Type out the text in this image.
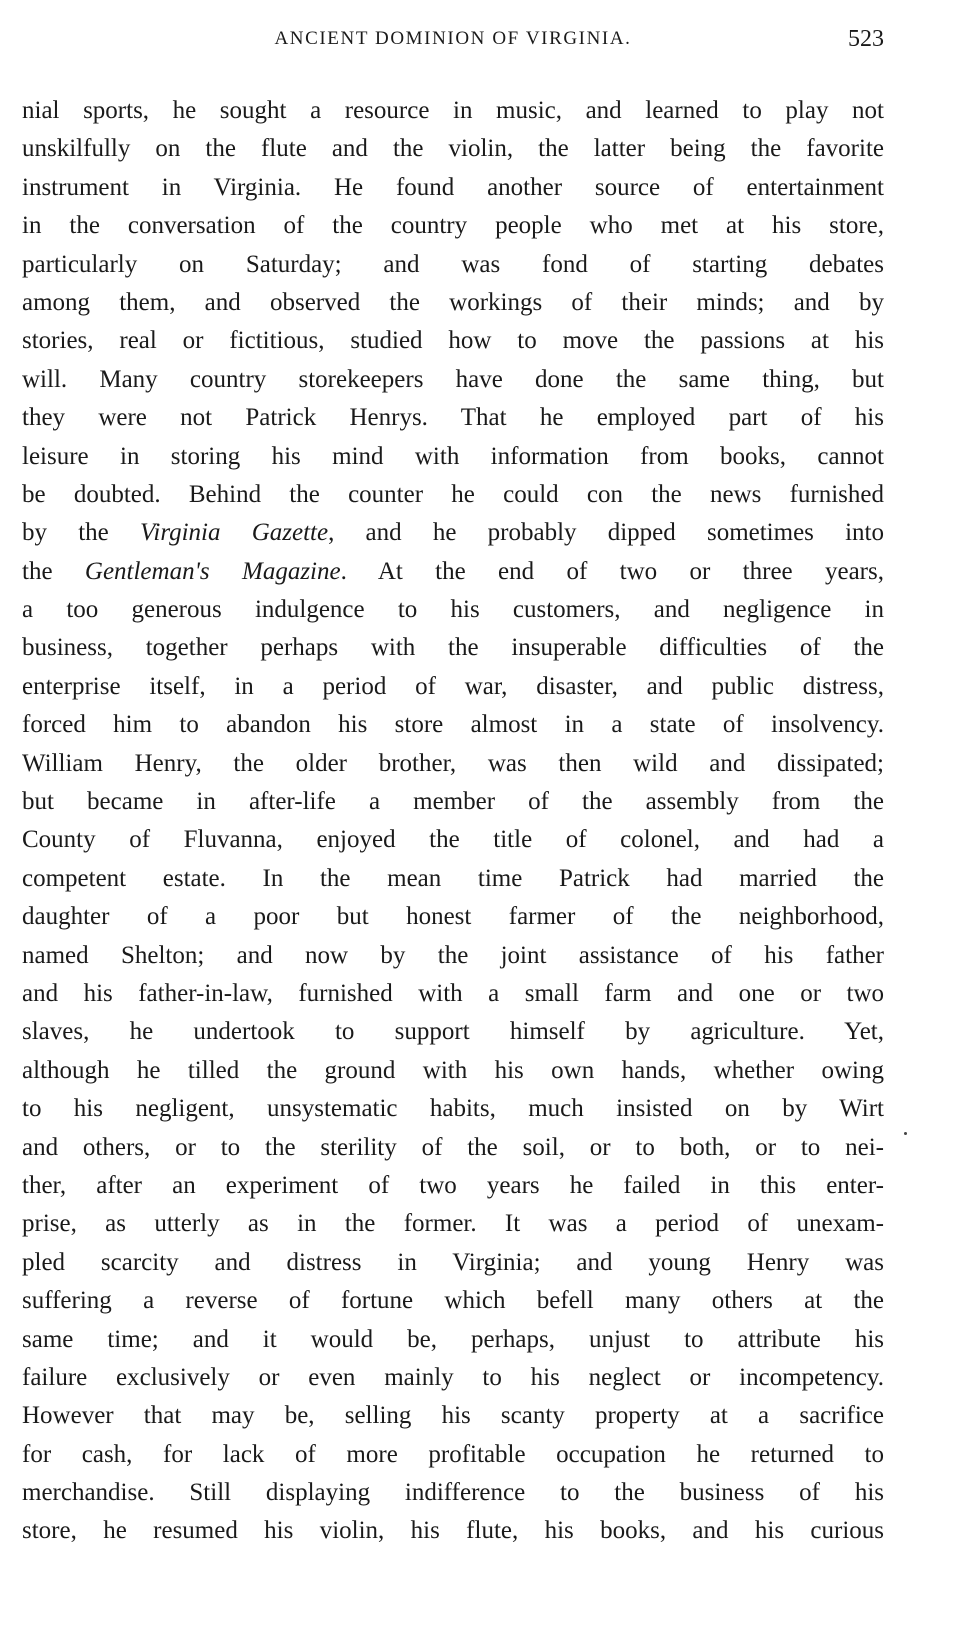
ANCIENT DOMINION OF VIRGINIA.	523
nial sports, he sought a resource in music, and learned to play not
unskilfully on the flute and the violin, the latter being the favorite
instrument in Virginia. He found another source of entertainment
in the conversation of the country people who met at his store,
particularly on Saturday; and was fond of starting debates
among them, and observed the workings of their minds; and by
stories, real or fictitious, studied how to move the passions at his
will. Many country storekeepers have done the same thing, but
they were not Patrick Henrys. That he employed part of his
leisure in storing his mind with information from books, cannot
be doubted. Behind the counter he could con the news furnished
by the Virginia Gazette, and he probably dipped sometimes into
the Gentleman's Magazine. At the end of two or three years,
a too generous indulgence to his customers, and negligence in
business, together perhaps with the insuperable difficulties of the
enterprise itself, in a period of war, disaster, and public distress,
forced him to abandon his store almost in a state of insolvency.
William Henry, the older brother, was then wild and dissipated;
but became in after-life a member of the assembly from the
County of Fluvanna, enjoyed the title of colonel, and had a
competent estate. In the mean time Patrick had married the
daughter of a poor but honest farmer of the neighborhood,
named Shelton; and now by the joint assistance of his father
and his father-in-law, furnished with a small farm and one or two
slaves, he undertook to support himself by agriculture. Yet,
although he tilled the ground with his own hands, whether owing
to his negligent, unsystematic habits, much insisted on by Wirt
and others, or to the sterility of the soil, or to both, or to nei-
ther, after an experiment of two years he failed in this enter-
prise, as utterly as in the former. It was a period of unexam-
pled scarcity and distress in Virginia; and young Henry was
suffering a reverse of fortune which befell many others at the
same time; and it would be, perhaps, unjust to attribute his
failure exclusively or even mainly to his neglect or incompetency.
However that may be, selling his scanty property at a sacrifice
for cash, for lack of more profitable occupation he returned to
merchandise. Still displaying indifference to the business of his
store, he resumed his violin, his flute, his books, and his curious
